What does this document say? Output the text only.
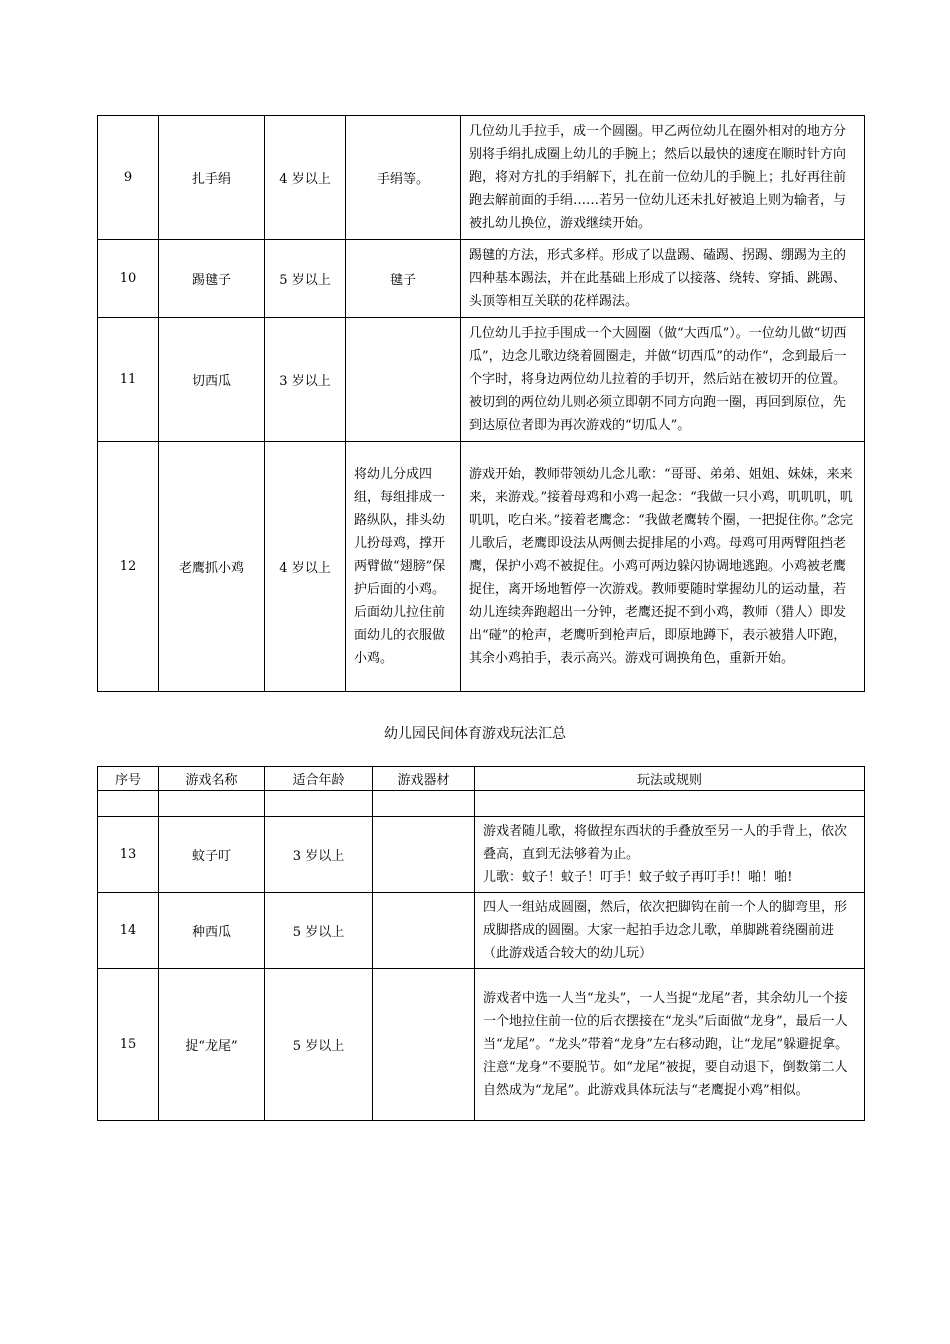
9	扎手绢	4 岁以上	手绢等。	几位幼儿手拉手，成一个圆圈。甲乙两位幼儿在圈外相对的地方分别将手绢扎成圈上幼儿的手腕上；然后以最快的速度在顺时针方向跑，将对方扎的手绢解下，扎在前一位幼儿的手腕上；扎好再往前跑去解前面的手绢……若另一位幼儿还未扎好被追上则为输者，与被扎幼儿换位，游戏继续开始。
10	踢毽子	5 岁以上	毽子	踢毽的方法，形式多样。形成了以盘踢、磕踢、拐踢、绷踢为主的四种基本踢法，并在此基础上形成了以接落、绕转、穿插、跳踢、头顶等相互关联的花样踢法。
11	切西瓜	3 岁以上		几位幼儿手拉手围成一个大圆圈（做“大西瓜”）。一位幼儿做“切西瓜”，边念儿歌边绕着圆圈走，并做“切西瓜”的动作“，念到最后一个字时，将身边两位幼儿拉着的手切开，然后站在被切开的位置。被切到的两位幼儿则必须立即朝不同方向跑一圈，再回到原位，先到达原位者即为再次游戏的“切瓜人”。
12	老鹰抓小鸡	4 岁以上	将幼儿分成四组，每组排成一路纵队，排头幼儿扮母鸡，撑开两臂做“翅膀”保护后面的小鸡。后面幼儿拉住前面幼儿的衣服做小鸡。	游戏开始，教师带领幼儿念儿歌：“哥哥、弟弟、姐姐、妹妹，来来来，来游戏。”接着母鸡和小鸡一起念：“我做一只小鸡，叽叽叽，叽叽叽，吃白米。”接着老鹰念：“我做老鹰转个圈，一把捉住你。”念完儿歌后，老鹰即设法从两侧去捉排尾的小鸡。母鸡可用两臂阻挡老鹰，保护小鸡不被捉住。小鸡可两边躲闪协调地逃跑。小鸡被老鹰捉住，离开场地暂停一次游戏。教师要随时掌握幼儿的运动量，若幼儿连续奔跑超出一分钟，老鹰还捉不到小鸡，教师（猎人）即发出“碰”的枪声，老鹰听到枪声后，即原地蹲下，表示被猎人吓跑，其余小鸡拍手，表示高兴。游戏可调换角色，重新开始。
幼儿园民间体育游戏玩法汇总
序号	游戏名称	适合年龄	游戏器材	玩法或规则

13	蚊子叮	3 岁以上		游戏者随儿歌，将做捏东西状的手叠放至另一人的手背上，依次叠高，直到无法够着为止。
儿歌：蚊子！蚊子！叮手！蚊子蚊子再叮手!！啪！啪!

14	种西瓜	5 岁以上		四人一组站成圆圈，然后，依次把脚钩在前一个人的脚弯里，形成脚搭成的圆圈。大家一起拍手边念儿歌，单脚跳着绕圈前进（此游戏适合较大的幼儿玩）
15	捉“龙尾”	5 岁以上		游戏者中选一人当“龙头”，一人当捉“龙尾”者，其余幼儿一个接一个地拉住前一位的后衣摆接在“龙头”后面做“龙身”，最后一人当“龙尾”。“龙头”带着“龙身”左右移动跑，让“龙尾”躲避捉拿。注意“龙身”不要脱节。如“龙尾”被捉，要自动退下，倒数第二人自然成为“龙尾”。此游戏具体玩法与“老鹰捉小鸡”相似。
